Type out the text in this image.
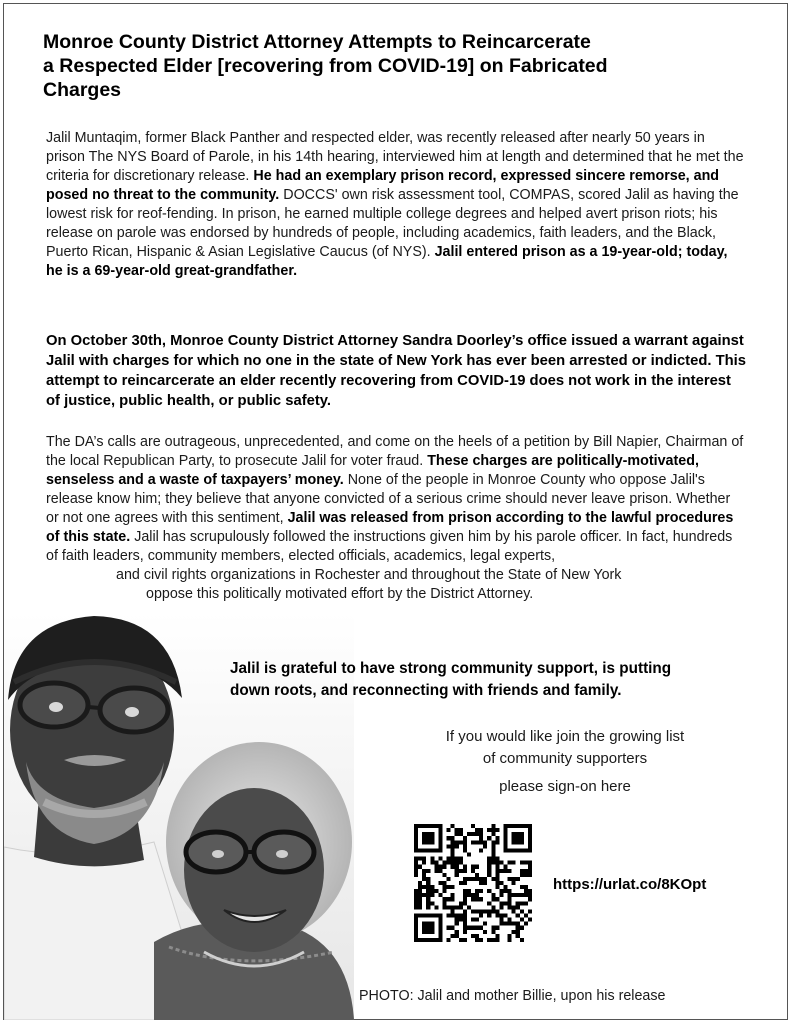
Monroe County District Attorney Attempts to Reincarcerate
a Respected Elder [recovering from COVID-19] on Fabricated
Charges

Jalil Muntaqim, former Black Panther and respected elder, was recently released after nearly 50 years in prison The NYS Board of Parole, in his 14th hearing, interviewed him at length and determined that he met the criteria for discretionary release. He had an exemplary prison record, expressed sincere remorse, and posed no threat to the community. DOCCS' own risk assessment tool, COMPAS, scored Jalil as having the lowest risk for reof-fending. In prison, he earned multiple college degrees and helped avert prison riots; his release on parole was endorsed by hundreds of people, including academics, faith leaders, and the Black, Puerto Rican, Hispanic & Asian Legislative Caucus (of NYS). Jalil entered prison as a 19-year-old; today, he is a 69-year-old great-grandfather.

On October 30th, Monroe County District Attorney Sandra Doorley’s office issued a warrant against Jalil with charges for which no one in the state of New York has ever been arrested or indicted. This attempt to reincarcerate an elder recently recovering from COVID-19 does not work in the interest of justice, public health, or public safety.

The DA’s calls are outrageous, unprecedented, and come on the heels of a petition by Bill Napier, Chairman of the local Republican Party, to prosecute Jalil for voter fraud. These charges are politically-motivated, senseless and a waste of taxpayers’ money. None of the people in Monroe County who oppose Jalil's release know him; they believe that anyone convicted of a serious crime should never leave prison. Whether or not one agrees with this sentiment, Jalil was released from prison according to the lawful procedures of this state. Jalil has scrupulously followed the instructions given him by his parole officer. In fact, hundreds of faith leaders, community members, elected officials, academics, legal experts,
and civil rights organizations in Rochester and throughout the State of New York
oppose this politically motivated effort by the District Attorney.

Jalil is grateful to have strong community support, is putting
down roots, and reconnecting with friends and family.

If you would like join the growing list
of community supporters
please sign-on here
https://urlat.co/8KOpt
PHOTO: Jalil and mother Billie, upon his release
